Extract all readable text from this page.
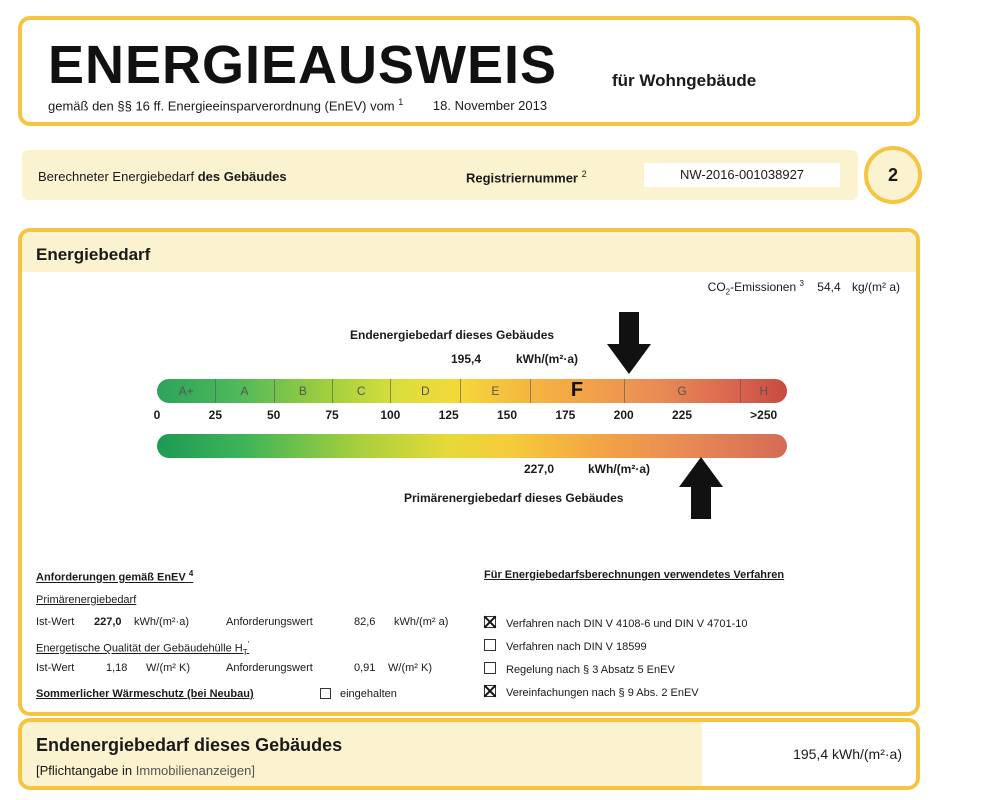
ENERGIEAUSWEIS	für Wohngebäude
gemäß den §§ 16 ff. Energieeinsparverordnung (EnEV) vom $^1$ 18. November 2013
Berechneter Energiebedarf des Gebäudes	Registriernummer $^2$	NW-2016-001038927	2
Energiebedarf
$CO_2$-Emissionen $^3$ 54,4 kg/(m² a)
Endenergiebedarf dieses Gebäudes
195,4	kWh/(m²·a)
A+	A	B	C	D	E	F	G	H
0	25	50	75	100	125	150	175	200	225	>250
227,0	kWh/(m²·a)
Primärenergiebedarf dieses Gebäudes
Anforderungen gemäß EnEV $^4$
Primärenergiebedarf
Ist-Wert 227,0 kWh/(m²·a)	Anforderungswert	82,6 kWh/(m² a)
Energetische Qualität der Gebäudehülle $H_T'$
Ist-Wert	1,18 W/(m² K)	Anforderungswert	0,91 W/(m² K)
Sommerlicher Wärmeschutz (bei Neubau)	eingehalten
Für Energiebedarfsberechnungen verwendetes Verfahren
Verfahren nach DIN V 4108-6 und DIN V 4701-10
Verfahren nach DIN V 18599
Regelung nach § 3 Absatz 5 EnEV
Vereinfachungen nach § 9 Abs. 2 EnEV
Endenergiebedarf dieses Gebäudes
[Pflichtangabe in Immobilienanzeigen]
195,4 kWh/(m²·a)
